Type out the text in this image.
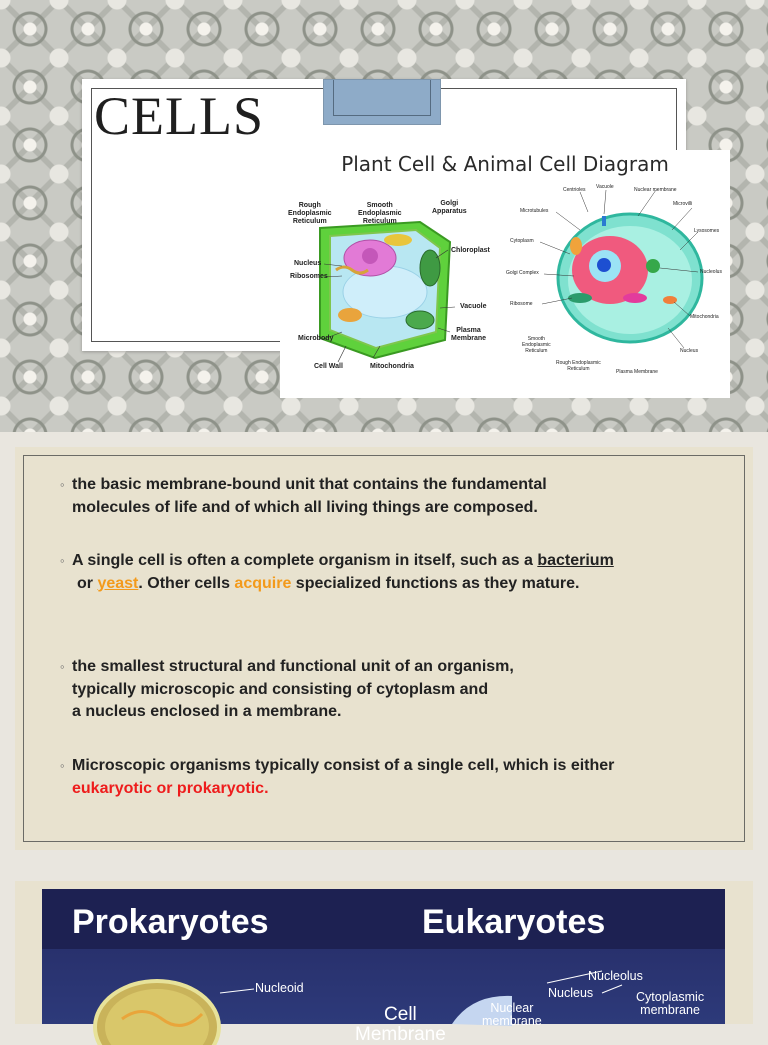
CELLS
Plant Cell & Animal Cell Diagram
Rough
Endoplasmic
Reticulum
Smooth
Endoplasmic
Reticulum
Golgi
Apparatus
Chloroplast
Nucleus
Ribosomes
Vacuole
Plasma
Membrane
Microbody
Cell Wall	Mitochondria
Centrioles Vacuole	Nuclear membrane
Microvilli
Microtubules
Lysosomes
Cytoplasm
Nucleolus
Golgi Complex
Ribosome
Mitochondria
Smooth
Endoplasmic
Reticulum	Nucleus
Rough Endoplasmic
Reticulum	Plasma Membrane
◦ the basic membrane-bound unit that contains the fundamental
molecules of life and of which all living things are composed.
◦ A single cell is often a complete organism in itself, such as a bacterium
or yeast. Other cells acquire specialized functions as they mature.
◦ the smallest structural and functional unit of an organism,
typically microscopic and consisting of cytoplasm and
a nucleus enclosed in a membrane.
◦ Microscopic organisms typically consist of a single cell, which is either
eukaryotic or prokaryotic.
Prokaryotes	Eukaryotes
Nucleoid
Cell
Membrane
Nuclear
membrane
Nucleus
Nucleolus
Cytoplasmic
membrane
